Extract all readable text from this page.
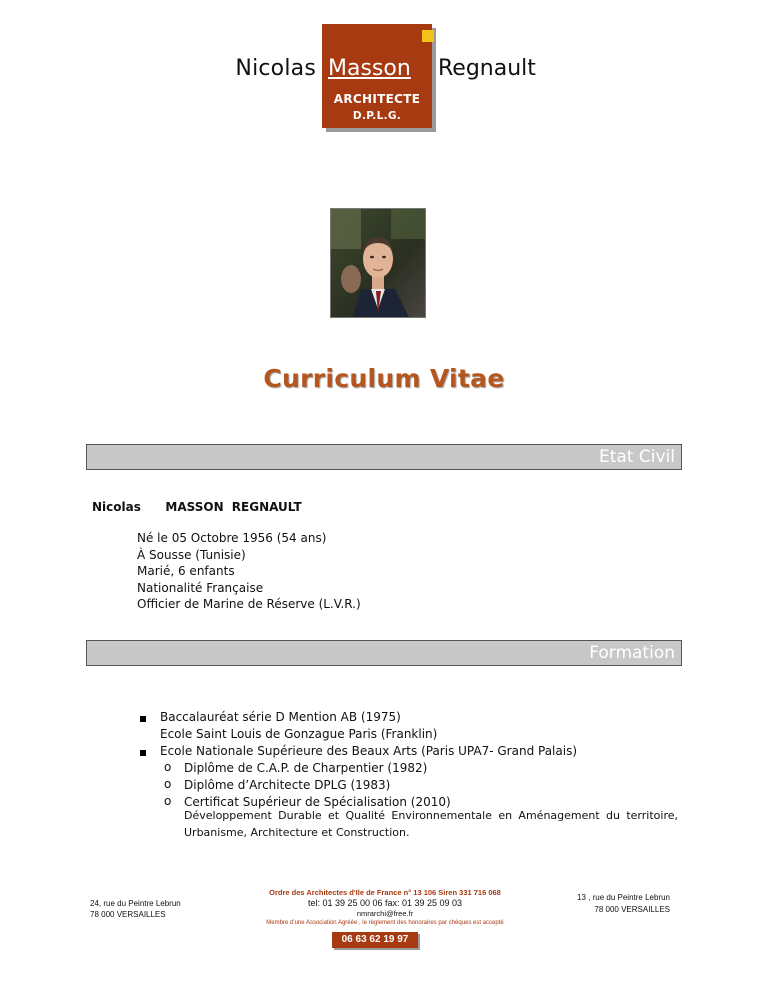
Nicolas Masson Regnault
ARCHITECTE
D.P.L.G.
Curriculum Vitae
Etat Civil
Nicolas   MASSON REGNAULT
Né le 05 Octobre 1956 (54 ans)
À Sousse (Tunisie)
Marié, 6 enfants
Nationalité Française
Officier de Marine de Réserve (L.V.R.)
Formation
Baccalauréat série D Mention AB (1975)
Ecole Saint Louis de Gonzague Paris (Franklin)
Ecole Nationale Supérieure des Beaux Arts (Paris UPA7- Grand Palais)
o Diplôme de C.A.P. de Charpentier (1982)
o Diplôme d’Architecte DPLG (1983)
o Certificat Supérieur de Spécialisation (2010)
Développement Durable et Qualité Environnementale en Aménagement du territoire, Urbanisme, Architecture et Construction.
24, rue du Peintre Lebrun
78 000 VERSAILLES
Ordre des Architectes d'Ile de France n° 13 106 Siren 331 716 068
tel: 01 39 25 00 06 fax: 01 39 25 09 03
nmrarchi@free.fr
Membre d’une Association Agréée , le règlement des honoraires par chèques est accepté
13 , rue du Peintre Lebrun
78 000 VERSAILLES
06 63 62 19 97
